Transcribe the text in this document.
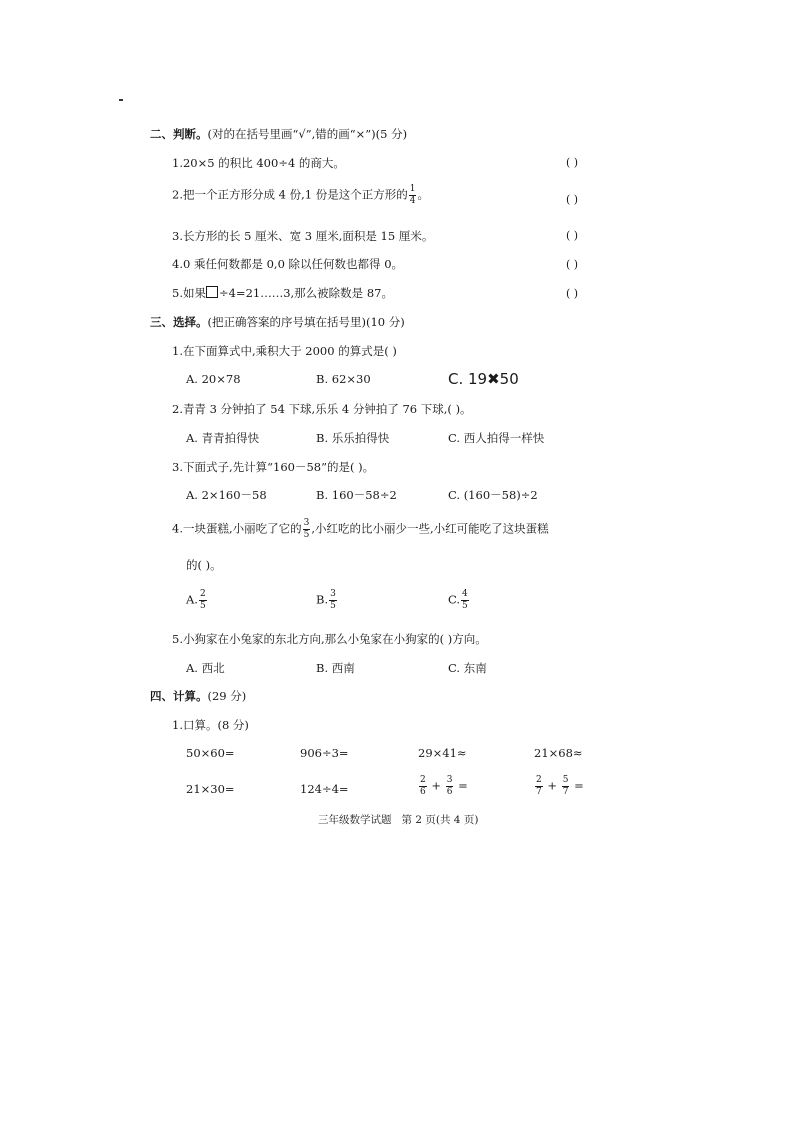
二、判断。(对的在括号里画“√”,错的画“×”)(5 分)
1.20×5 的积比 400÷4 的商大。	( )
2.把一个正方形分成 4 份,1 份是这个正方形的 $\frac{1}{4}$ 。	( )
3.长方形的长 5 厘米、宽 3 厘米,面积是 15 厘米。	( )
4.0 乘任何数都是 0,0 除以任何数也都得 0。	( )
5.如果 ÷4=21……3,那么被除数是 87。	( )
三、选择。(把正确答案的序号填在括号里)(10 分)
1.在下面算式中,乘积大于 2000 的算式是( )
A. 20×78	B. 62×30	C. 19✖50
2.青青 3 分钟拍了 54 下球,乐乐 4 分钟拍了 76 下球,( )。
A. 青青拍得快	B. 乐乐拍得快	C. 西人拍得一样快
3.下面式子,先计算“160－58”的是( )。
A. 2×160－58	B. 160－58÷2	C. (160－58)÷2
4.一块蛋糕,小丽吃了它的 $\frac{3}{5}$ ,小红吃的比小丽少一些,小红可能吃了这块蛋糕
的( )。
A. $\frac{2}{5}$	B. $\frac{3}{5}$	C. $\frac{4}{5}$
5.小狗家在小兔家的东北方向,那么小兔家在小狗家的( )方向。
A. 西北	B. 西南	C. 东南
四、计算。(29 分)
1.口算。(8 分)
50×60=	906÷3=	29×41≈	21×68≈
21×30=	124÷4=	$\frac{2}{6} + \frac{3}{6}$ =	$\frac{2}{7} + \frac{5}{7}$ =
三年级数学试题   第 2 页(共 4 页)
